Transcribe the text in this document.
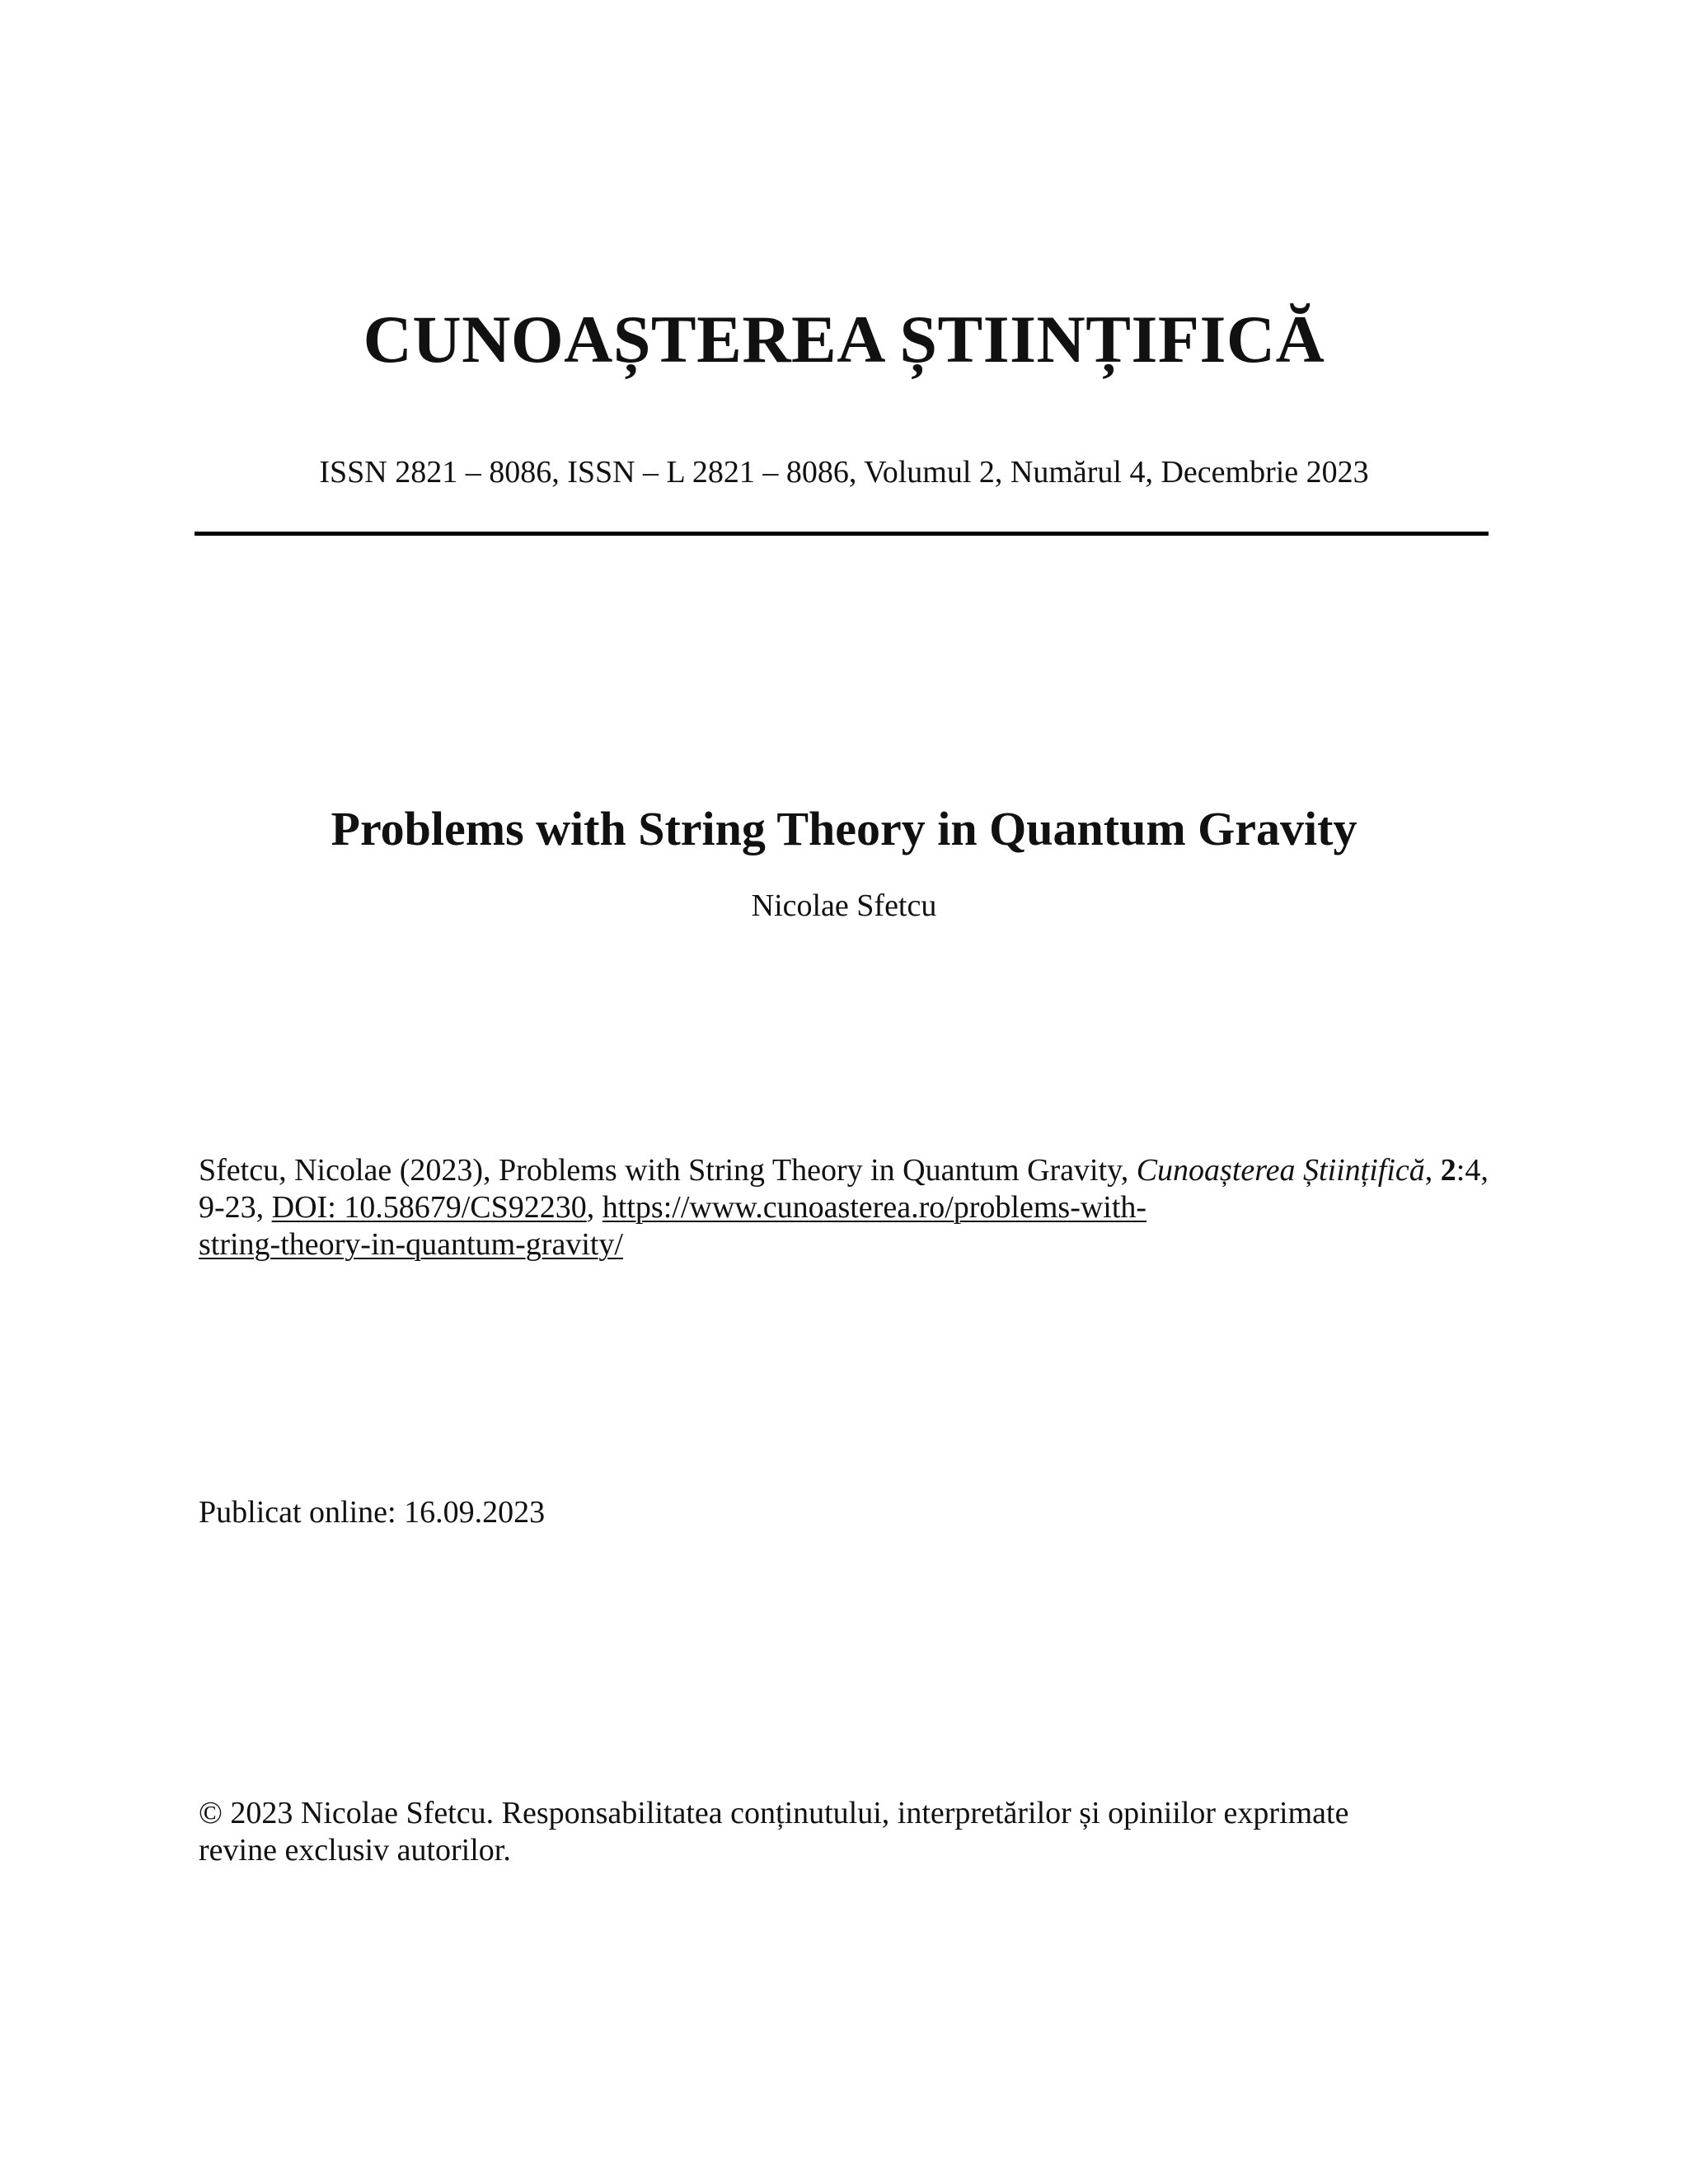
CUNOAȘTEREA ȘTIINȚIFICĂ
ISSN 2821 – 8086, ISSN – L 2821 – 8086, Volumul 2, Numărul 4, Decembrie 2023
Problems with String Theory in Quantum Gravity
Nicolae Sfetcu
Sfetcu, Nicolae (2023), Problems with String Theory in Quantum Gravity, Cunoașterea Științifică, 2:4, 9-23, DOI: 10.58679/CS92230, https://www.cunoasterea.ro/problems-with-
string-theory-in-quantum-gravity/
Publicat online: 16.09.2023
© 2023 Nicolae Sfetcu. Responsabilitatea conținutului, interpretărilor și opiniilor exprimate
revine exclusiv autorilor.
